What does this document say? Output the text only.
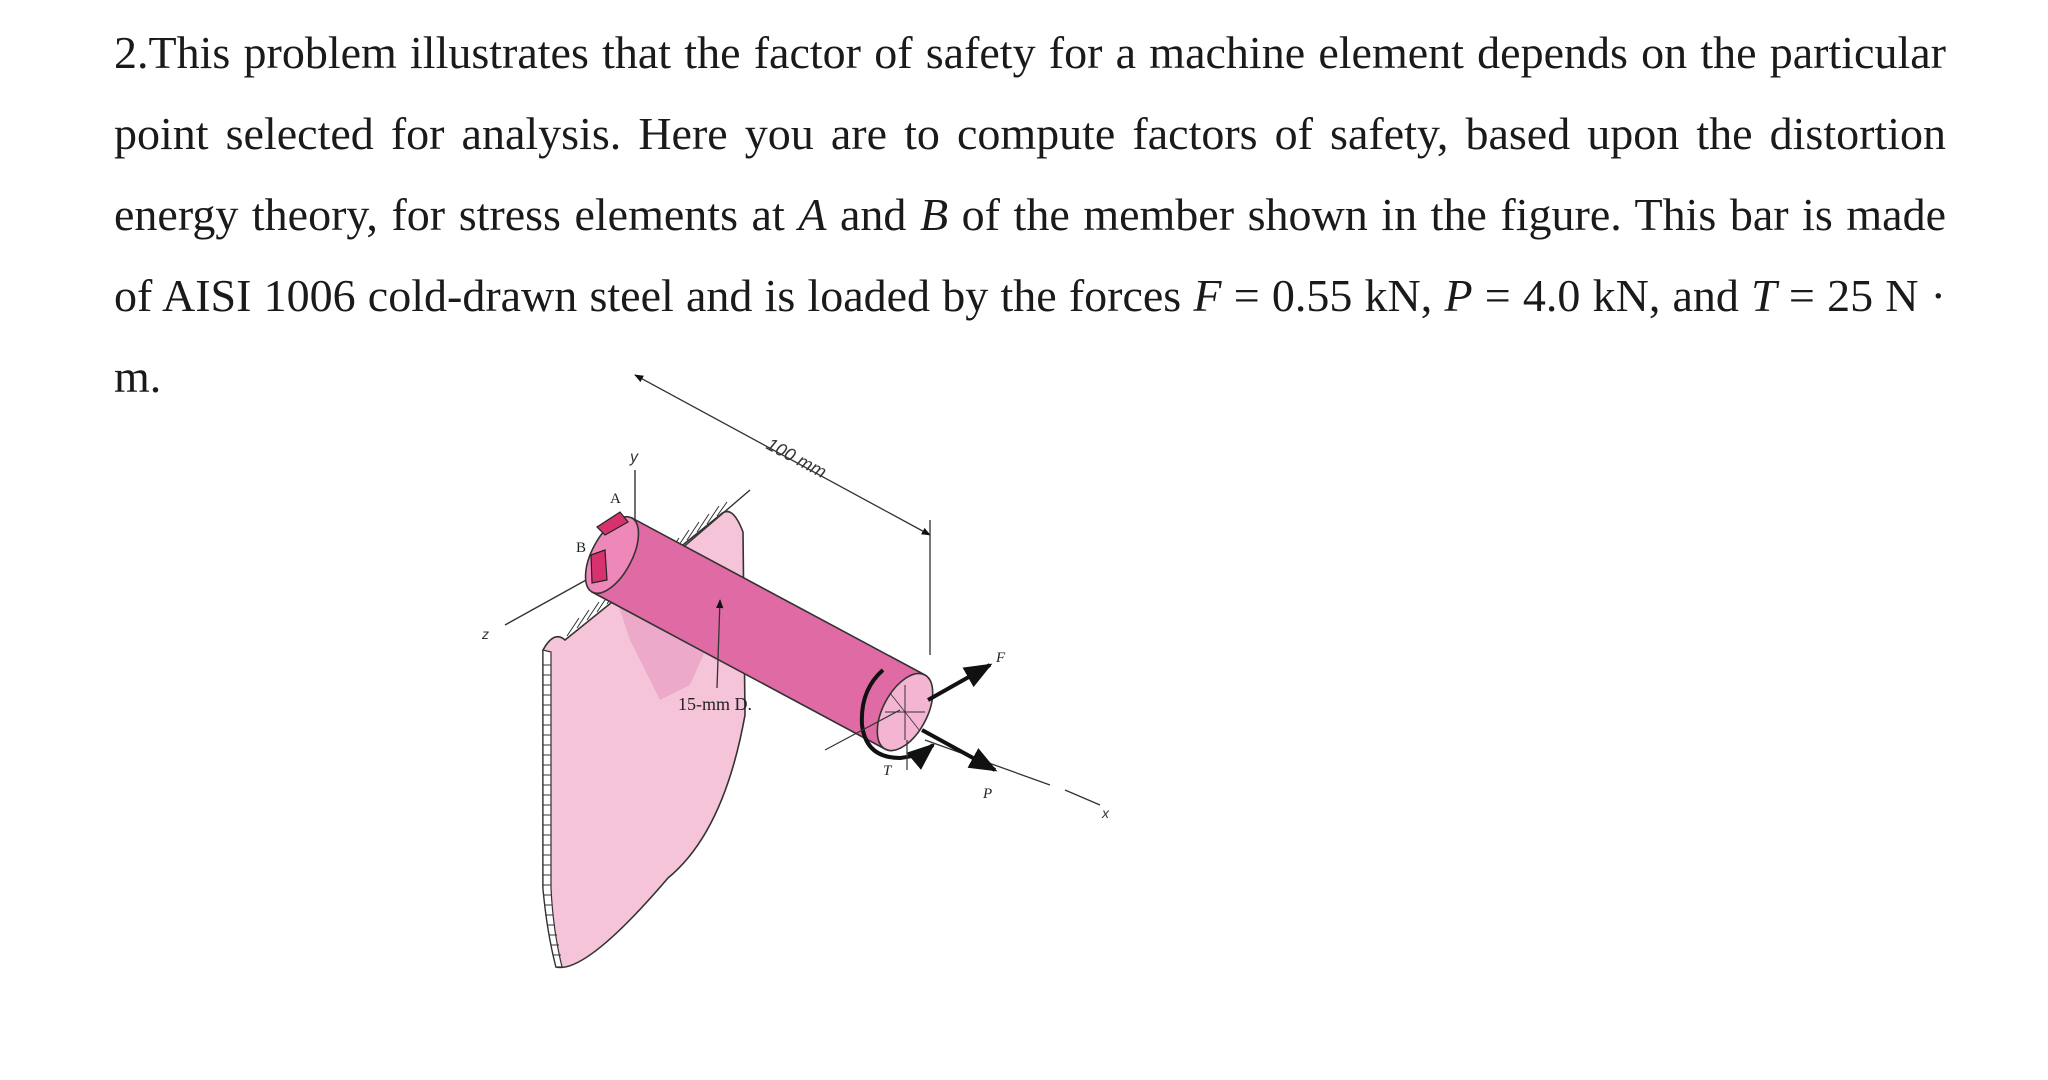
2.This problem illustrates that the factor of safety for a machine element depends on the particular point selected for analysis. Here you are to compute factors of safety, based upon the distortion energy theory, for stress elements at A and B of the member shown in the figure. This bar is made of AISI 1006 cold-drawn steel and is loaded by the forces F = 0.55 kN, P = 4.0 kN, and T = 25 N · m.
y
z
100 mm
A
B
15-mm D.
T
x
P
F
